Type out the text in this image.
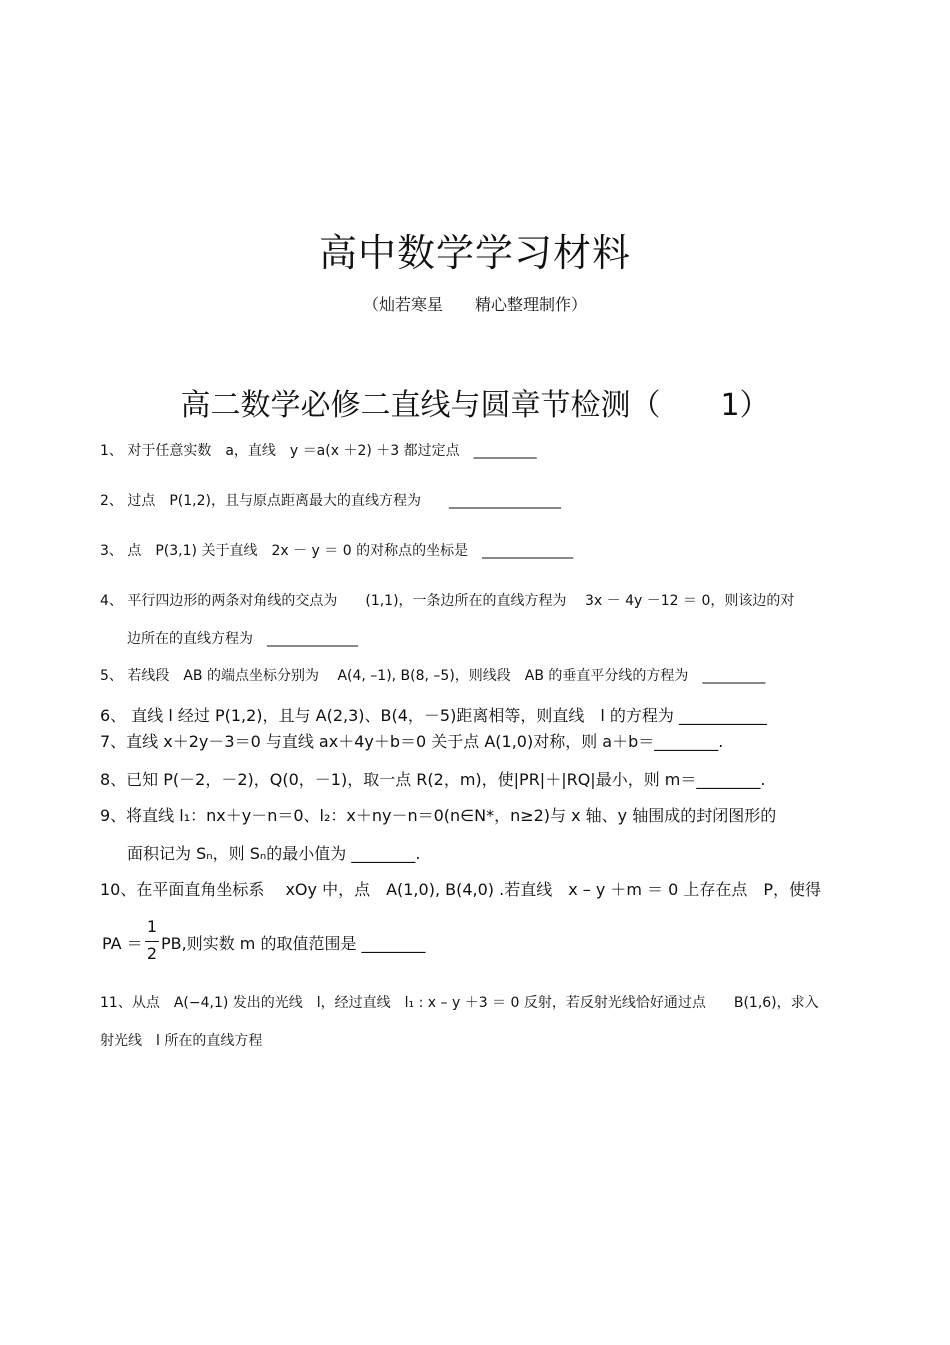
高中数学学习材料
（灿若寒星　　精心整理制作）
高二数学必修二直线与圆章节检测（　　1）
1、 对于任意实数　a，直线　y ＝a(x ＋2) ＋3 都过定点　_________
2、 过点　P(1,2)，且与原点距离最大的直线方程为　　________________
3、 点　P(3,1) 关于直线　2x － y ＝ 0 的对称点的坐标是　_____________
4、 平行四边形的两条对角线的交点为　　(1,1)，一条边所在的直线方程为　 3x － 4y －12 ＝ 0，则该边的对
边所在的直线方程为　_____________
5、 若线段　AB 的端点坐标分别为　 A(4, –1), B(8, –5)，则线段　AB 的垂直平分线的方程为　_________
6、 直线 l 经过 P(1,2)，且与 A(2,3)、B(4，－5)距离相等，则直线　l 的方程为 ___________
7、直线 x＋2y－3＝0 与直线 ax＋4y＋b＝0 关于点 A(1,0)对称，则 a＋b＝________.
8、已知 P(－2，－2)，Q(0，－1)，取一点 R(2，m)，使|PR|＋|RQ|最小，则 m＝________.
9、将直线 l₁：nx＋y－n＝0、l₂：x＋ny－n＝0(n∈N*，n≥2)与 x 轴、y 轴围成的封闭图形的
面积记为 Sₙ，则 Sₙ的最小值为 ________.
10、在平面直角坐标系　 xOy 中，点　A(1,0), B(4,0) .若直线　x – y ＋m ＝ 0 上存在点　P，使得
PA ＝
1
2
PB,则实数 m 的取值范围是 ________
11、从点　A(−4,1) 发出的光线　l，经过直线　l₁ : x – y ＋3 ＝ 0 反射，若反射光线恰好通过点　　B(1,6)，求入
射光线　l 所在的直线方程
